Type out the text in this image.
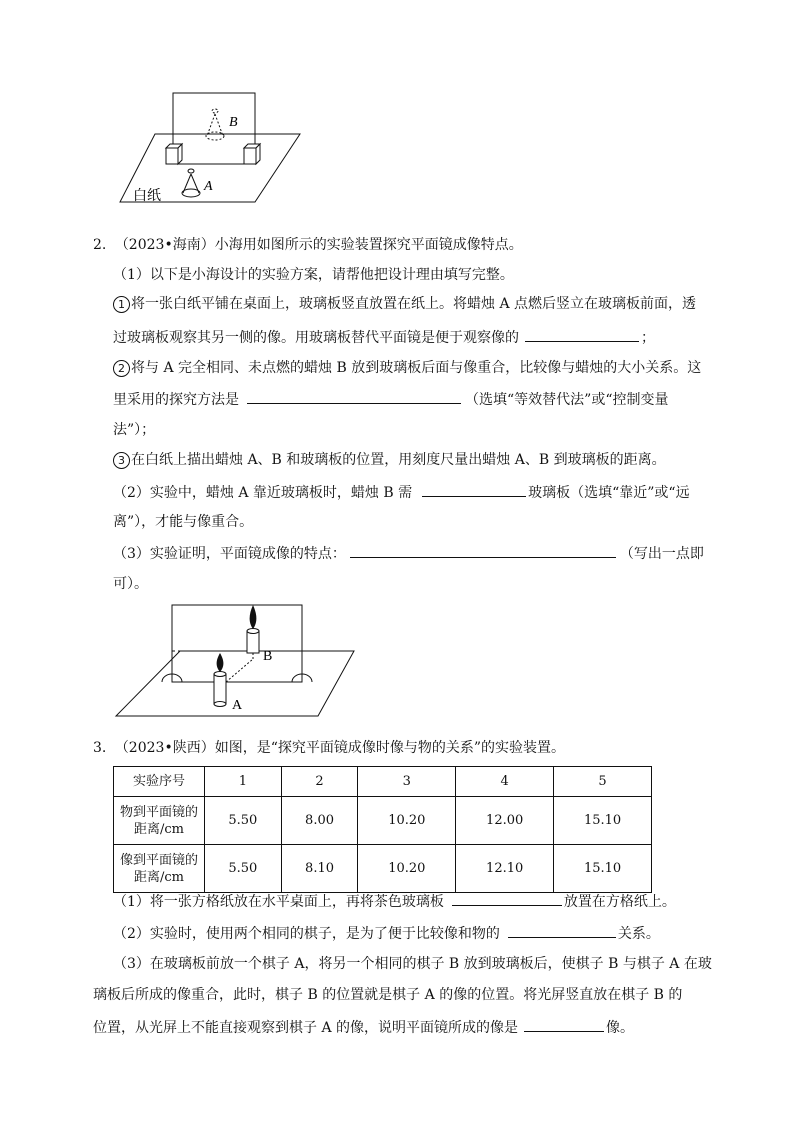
B
A
白纸
2. （2023•海南）小海用如图所示的实验装置探究平面镜成像特点。
（1）以下是小海设计的实验方案，请帮他把设计理由填写完整。
1 将一张白纸平铺在桌面上，玻璃板竖直放置在纸上。将蜡烛 A 点燃后竖立在玻璃板前面，透
过玻璃板观察其另一侧的像。用玻璃板替代平面镜是便于观察像的	；
2 将与 A 完全相同、未点燃的蜡烛 B 放到玻璃板后面与像重合，比较像与蜡烛的大小关系。这
里采用的探究方法是	（选填“等效替代法”或“控制变量
法”）；
3 在白纸上描出蜡烛 A、B 和玻璃板的位置，用刻度尺量出蜡烛 A、B 到玻璃板的距离。
（2）实验中，蜡烛 A 靠近玻璃板时，蜡烛 B 需	玻璃板（选填“靠近”或“远
离”），才能与像重合。
（3）实验证明，平面镜成像的特点：	（写出一点即
可）。
B
A
3. （2023•陕西）如图，是“探究平面镜成像时像与物的关系”的实验装置。
实验序号	1	2	3	4	5

物到平面镜的
距离/cm	5.50	8.00	10.20	12.00	15.10

像到平面镜的
距离/cm	5.50	8.10	10.20	12.10	15.10
（1）将一张方格纸放在水平桌面上，再将茶色玻璃板	放置在方格纸上。
（2）实验时，使用两个相同的棋子，是为了便于比较像和物的	关系。
（3）在玻璃板前放一个棋子 A，将另一个相同的棋子 B 放到玻璃板后，使棋子 B 与棋子 A 在玻
璃板后所成的像重合，此时，棋子 B 的位置就是棋子 A 的像的位置。将光屏竖直放在棋子 B 的
位置，从光屏上不能直接观察到棋子 A 的像，说明平面镜所成的像是	像。
